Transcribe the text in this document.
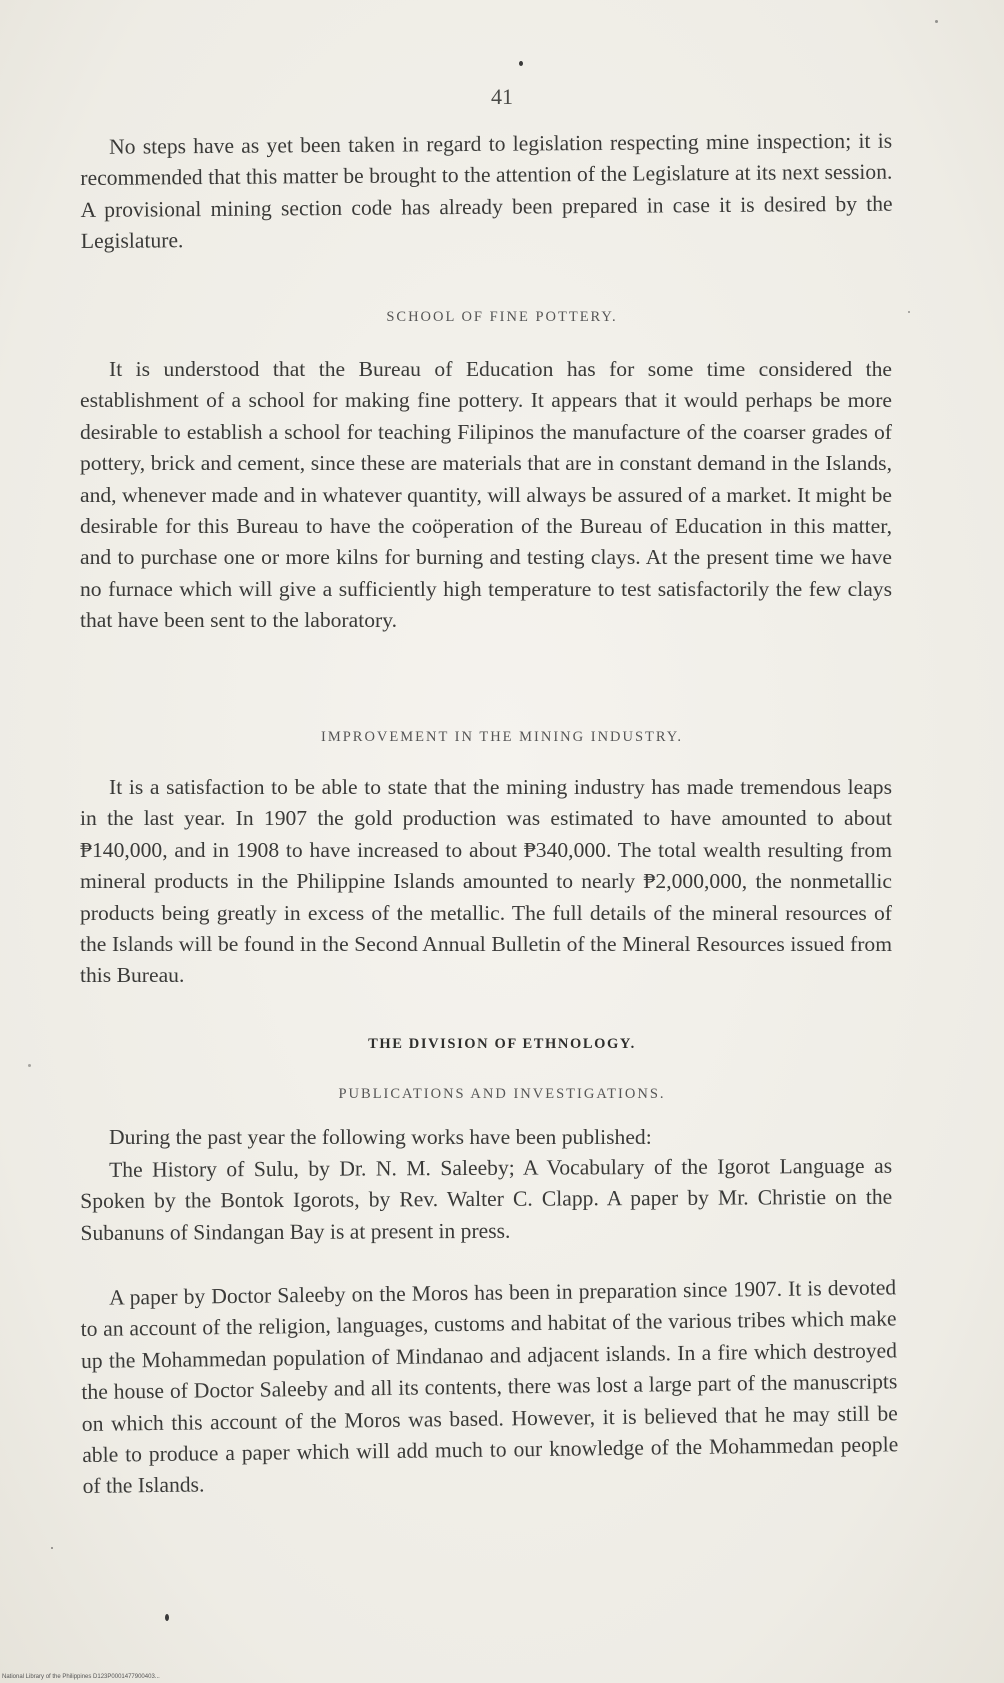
41

No steps have as yet been taken in regard to legislation respecting mine inspection; it is recommended that this matter be brought to the attention of the Legislature at its next session. A provisional mining section code has already been prepared in case it is desired by the Legislature.

SCHOOL OF FINE POTTERY.

It is understood that the Bureau of Education has for some time considered the establishment of a school for making fine pottery. It appears that it would perhaps be more desirable to establish a school for teaching Filipinos the manufacture of the coarser grades of pottery, brick and cement, since these are materials that are in constant demand in the Islands, and, whenever made and in whatever quantity, will always be assured of a market. It might be desirable for this Bureau to have the coöperation of the Bureau of Education in this matter, and to purchase one or more kilns for burning and testing clays. At the present time we have no furnace which will give a sufficiently high temperature to test satisfactorily the few clays that have been sent to the laboratory.

IMPROVEMENT IN THE MINING INDUSTRY.

It is a satisfaction to be able to state that the mining industry has made tremendous leaps in the last year. In 1907 the gold production was estimated to have amounted to about ₱140,000, and in 1908 to have increased to about ₱340,000. The total wealth resulting from mineral products in the Philippine Islands amounted to nearly ₱2,000,000, the nonmetallic products being greatly in excess of the metallic. The full details of the mineral resources of the Islands will be found in the Second Annual Bulletin of the Mineral Resources issued from this Bureau.

THE DIVISION OF ETHNOLOGY.
PUBLICATIONS AND INVESTIGATIONS.

During the past year the following works have been published:

The History of Sulu, by Dr. N. M. Saleeby; A Vocabulary of the Igorot Language as Spoken by the Bontok Igorots, by Rev. Walter C. Clapp. A paper by Mr. Christie on the Subanuns of Sindangan Bay is at present in press.

A paper by Doctor Saleeby on the Moros has been in preparation since 1907. It is devoted to an account of the religion, languages, customs and habitat of the various tribes which make up the Mohammedan population of Mindanao and adjacent islands. In a fire which destroyed the house of Doctor Saleeby and all its contents, there was lost a large part of the manuscripts on which this account of the Moros was based. However, it is believed that he may still be able to produce a paper which will add much to our knowledge of the Mohammedan people of the Islands.

National Library of the Philippines D123P0001477900403...
